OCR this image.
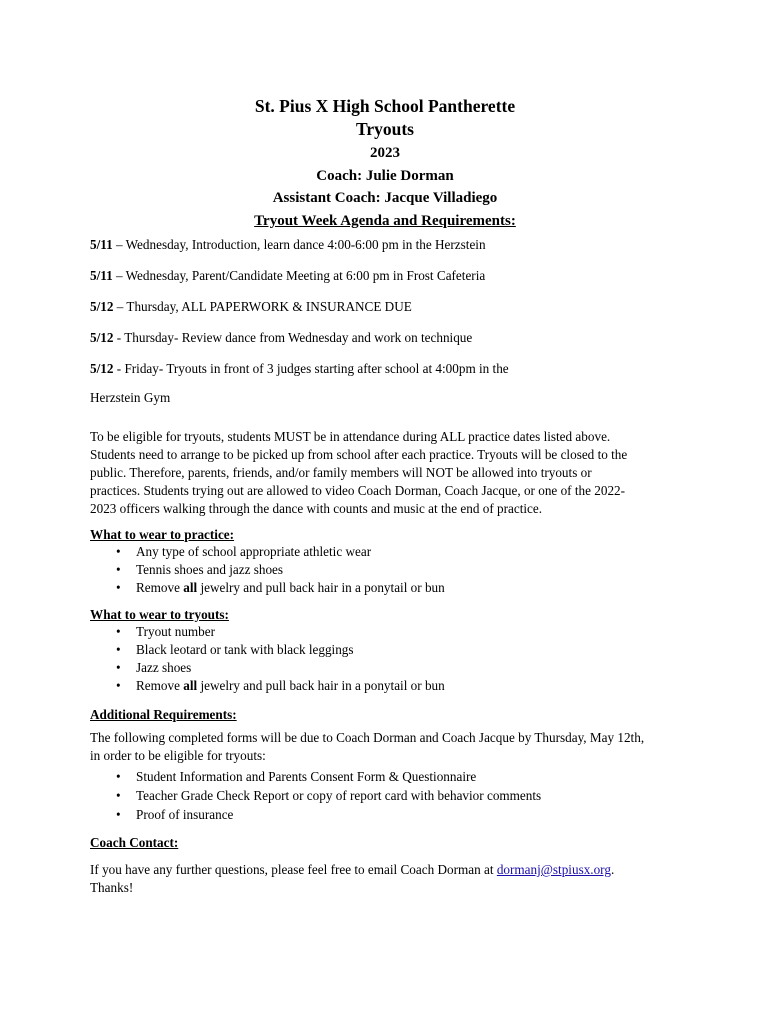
St. Pius X High School Pantherette
Tryouts
2023
Coach: Julie Dorman
Assistant Coach: Jacque Villadiego
Tryout Week Agenda and Requirements:
5/11 – Wednesday, Introduction, learn dance 4:00-6:00 pm in the Herzstein
5/11 – Wednesday, Parent/Candidate Meeting at 6:00 pm in Frost Cafeteria
5/12 – Thursday, ALL PAPERWORK & INSURANCE DUE
5/12 - Thursday- Review dance from Wednesday and work on technique
5/12 - Friday- Tryouts in front of 3 judges starting after school at 4:00pm in the
Herzstein Gym
To be eligible for tryouts, students MUST be in attendance during ALL practice dates listed above.
Students need to arrange to be picked up from school after each practice. Tryouts will be closed to the
public. Therefore, parents, friends, and/or family members will NOT be allowed into tryouts or
practices. Students trying out are allowed to video Coach Dorman, Coach Jacque, or one of the 2022-
2023 officers walking through the dance with counts and music at the end of practice.
What to wear to practice:
• Any type of school appropriate athletic wear
• Tennis shoes and jazz shoes
• Remove all jewelry and pull back hair in a ponytail or bun
What to wear to tryouts:
• Tryout number
• Black leotard or tank with black leggings
• Jazz shoes
• Remove all jewelry and pull back hair in a ponytail or bun
Additional Requirements:
The following completed forms will be due to Coach Dorman and Coach Jacque by Thursday, May 12th,
in order to be eligible for tryouts:
• Student Information and Parents Consent Form & Questionnaire
• Teacher Grade Check Report or copy of report card with behavior comments
• Proof of insurance
Coach Contact:
If you have any further questions, please feel free to email Coach Dorman at dormanj@stpiusx.org.
Thanks!
